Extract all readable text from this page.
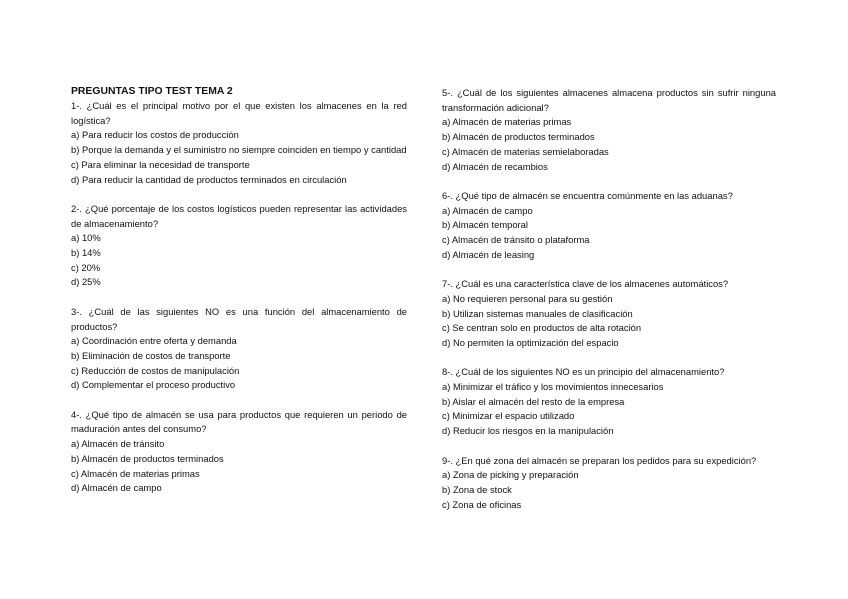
PREGUNTAS TIPO TEST TEMA 2

1-. ¿Cuál es el principal motivo por el que existen los almacenes en la red logística?

a) Para reducir los costos de producción

b) Porque la demanda y el suministro no siempre coinciden en tiempo y cantidad

c) Para eliminar la necesidad de transporte

d) Para reducir la cantidad de productos terminados en circulación

2-. ¿Qué porcentaje de los costos logísticos pueden representar las actividades de almacenamiento?

a) 10%

b) 14%

c) 20%

d) 25%

3-. ¿Cuál de las siguientes NO es una función del almacenamiento de productos?

a) Coordinación entre oferta y demanda

b) Eliminación de costos de transporte

c) Reducción de costos de manipulación

d) Complementar el proceso productivo

4-. ¿Qué tipo de almacén se usa para productos que requieren un periodo de maduración antes del consumo?

a) Almacén de tránsito

b) Almacén de productos terminados

c) Almacén de materias primas

d) Almacén de campo

5-. ¿Cuál de los siguientes almacenes almacena productos sin sufrir ninguna transformación adicional?

a) Almacén de materias primas

b) Almacén de productos terminados

c) Almacén de materias semielaboradas

d) Almacén de recambios

6-. ¿Qué tipo de almacén se encuentra comúnmente en las aduanas?

a) Almacén de campo

b) Almacén temporal

c) Almacén de tránsito o plataforma

d) Almacén de leasing

7-. ¿Cuál es una característica clave de los almacenes automáticos?

a) No requieren personal para su gestión

b) Utilizan sistemas manuales de clasificación

c) Se centran solo en productos de alta rotación

d) No permiten la optimización del espacio

8-. ¿Cuál de los siguientes NO es un principio del almacenamiento?

a) Minimizar el tráfico y los movimientos innecesarios

b) Aislar el almacén del resto de la empresa

c) Minimizar el espacio utilizado

d) Reducir los riesgos en la manipulación

9-. ¿En qué zona del almacén se preparan los pedidos para su expedición?

a) Zona de picking y preparación

b) Zona de stock

c) Zona de oficinas
